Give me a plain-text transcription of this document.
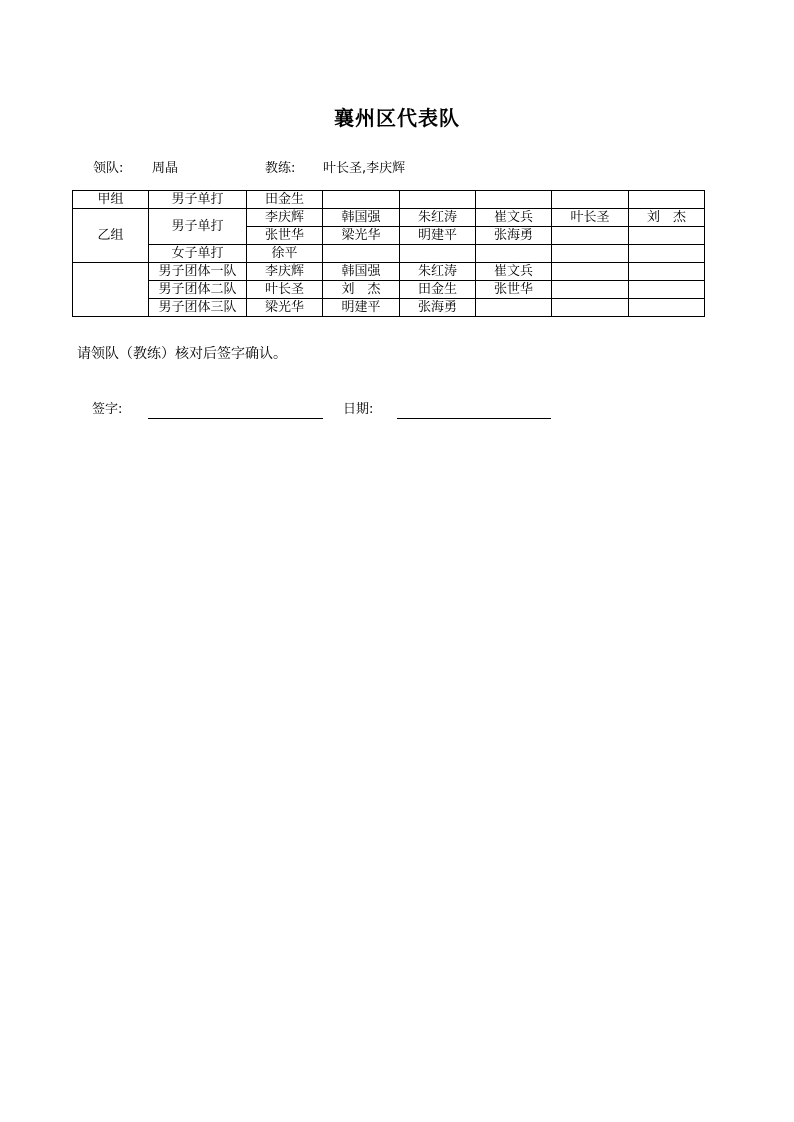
襄州区代表队
领队: 周晶	教练: 叶长圣,李庆辉
甲组	男子单打	田金生					
乙组	男子单打	李庆辉	韩国强	朱红涛	崔文兵	叶长圣	刘　杰
		张世华	梁光华	明建平	张海勇		
	女子单打	徐平					
	男子团体一队	李庆辉	韩国强	朱红涛	崔文兵		
	男子团体二队	叶长圣	刘　杰	田金生	张世华		
	男子团体三队	梁光华	明建平	张海勇			
请领队（教练）核对后签字确认。
签字:	日期:
